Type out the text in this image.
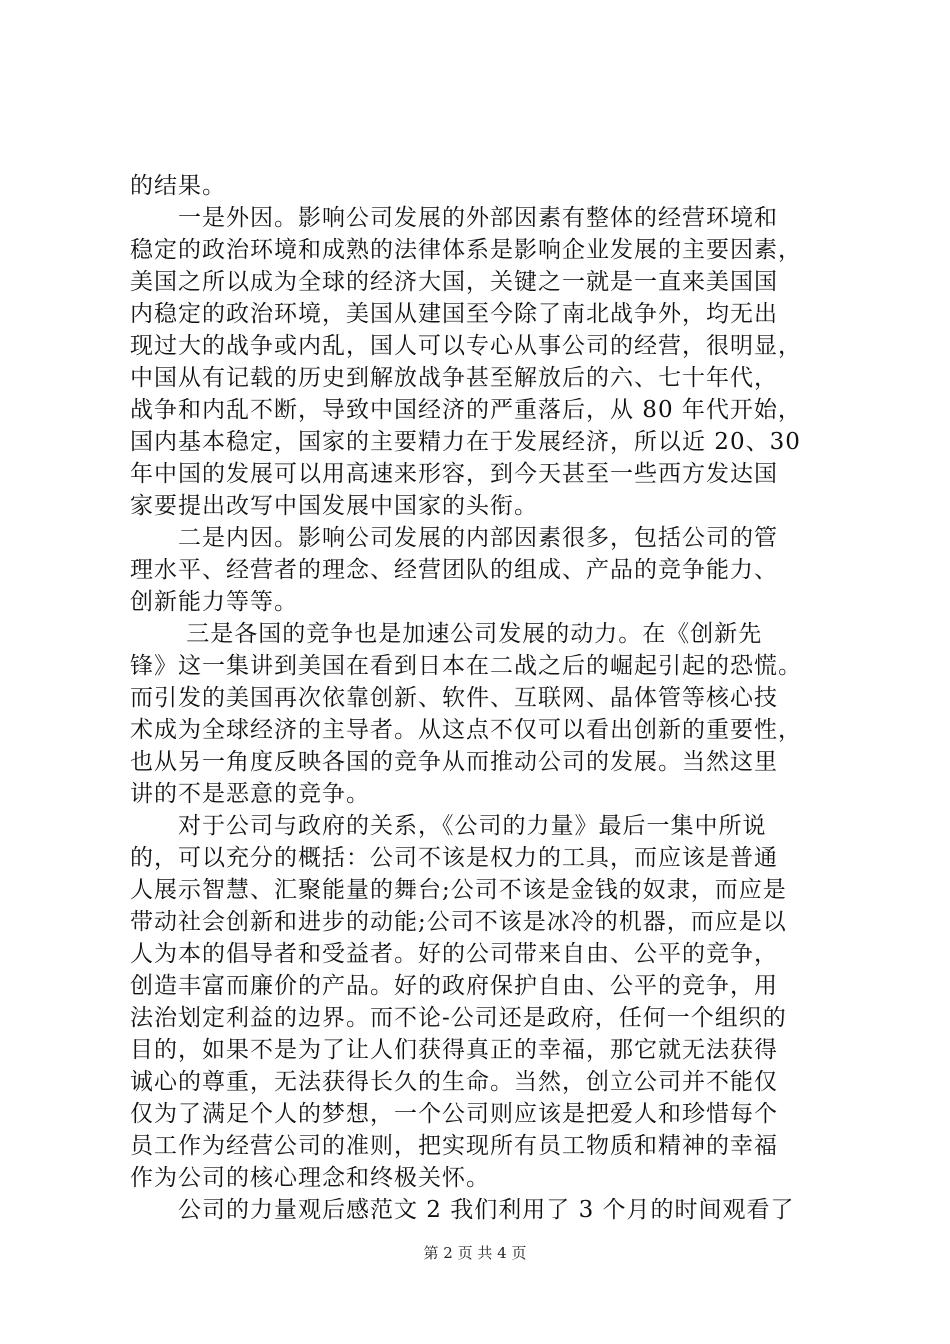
的结果。
　　一是外因。影响公司发展的外部因素有整体的经营环境和
稳定的政治环境和成熟的法律体系是影响企业发展的主要因素，
美国之所以成为全球的经济大国，关键之一就是一直来美国国
内稳定的政治环境，美国从建国至今除了南北战争外，均无出
现过大的战争或内乱，国人可以专心从事公司的经营，很明显，
中国从有记载的历史到解放战争甚至解放后的六、七十年代，
战争和内乱不断，导致中国经济的严重落后，从 80 年代开始，
国内基本稳定，国家的主要精力在于发展经济，所以近 20、30
年中国的发展可以用高速来形容，到今天甚至一些西方发达国
家要提出改写中国发展中国家的头衔。
　　二是内因。影响公司发展的内部因素很多，包括公司的管
理水平、经营者的理念、经营团队的组成、产品的竞争能力、
创新能力等等。
　　 三是各国的竞争也是加速公司发展的动力。在《创新先
锋》这一集讲到美国在看到日本在二战之后的崛起引起的恐慌。
而引发的美国再次依靠创新、软件、互联网、晶体管等核心技
术成为全球经济的主导者。从这点不仅可以看出创新的重要性，
也从另一角度反映各国的竞争从而推动公司的发展。当然这里
讲的不是恶意的竞争。
　　对于公司与政府的关系，《公司的力量》最后一集中所说
的，可以充分的概括：公司不该是权力的工具，而应该是普通
人展示智慧、汇聚能量的舞台;公司不该是金钱的奴隶，而应是
带动社会创新和进步的动能;公司不该是冰冷的机器，而应是以
人为本的倡导者和受益者。好的公司带来自由、公平的竞争，
创造丰富而廉价的产品。好的政府保护自由、公平的竞争，用
法治划定利益的边界。而不论-公司还是政府，任何一个组织的
目的，如果不是为了让人们获得真正的幸福，那它就无法获得
诚心的尊重，无法获得长久的生命。当然，创立公司并不能仅
仅为了满足个人的梦想，一个公司则应该是把爱人和珍惜每个
员工作为经营公司的准则，把实现所有员工物质和精神的幸福
作为公司的核心理念和终极关怀。
　　公司的力量观后感范文 2 我们利用了 3 个月的时间观看了
第 2 页 共 4 页
